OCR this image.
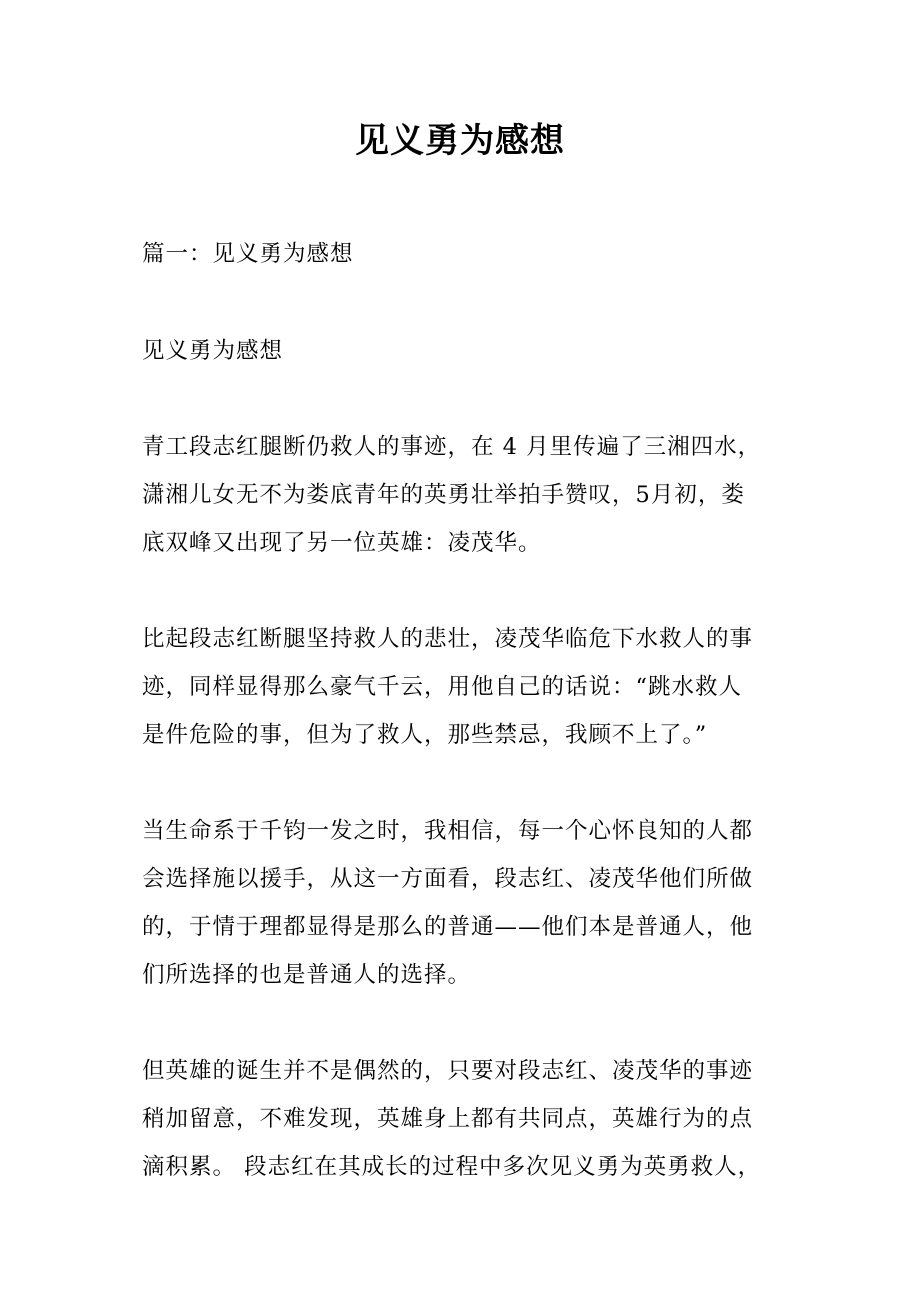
见义勇为感想
篇一：见义勇为感想
见义勇为感想
青工段志红腿断仍救人的事迹，在 4 月里传遍了三湘四水，
潇湘儿女无不为娄底青年的英勇壮举拍手赞叹，5月初，娄
底双峰又出现了另一位英雄：凌茂华。
比起段志红断腿坚持救人的悲壮，凌茂华临危下水救人的事
迹，同样显得那么豪气千云，用他自己的话说：“跳水救人
是件危险的事，但为了救人，那些禁忌，我顾不上了。”
当生命系于千钧一发之时，我相信，每一个心怀良知的人都
会选择施以援手，从这一方面看，段志红、凌茂华他们所做
的，于情于理都显得是那么的普通——他们本是普通人，他
们所选择的也是普通人的选择。
但英雄的诞生并不是偶然的，只要对段志红、凌茂华的事迹
稍加留意，不难发现，英雄身上都有共同点，英雄行为的点
滴积累。 段志红在其成长的过程中多次见义勇为英勇救人，
